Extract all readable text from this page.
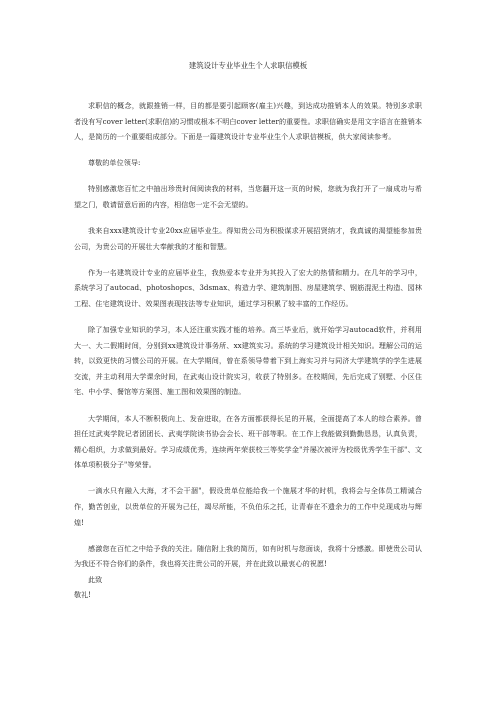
建筑设计专业毕业生个人求职信模板

求职信的概念，就跟推销一样，目的都是要引起顾客(雇主)兴趣，到达成功推销本人的效果。特别多求职者没有写cover letter(求职信)的习惯或根本不明白cover letter的重要性。求职信确实是用文字语言在推销本人，是简历的一个重要组成部分。下面是一篇建筑设计专业毕业生个人求职信模板，供大家阅读参考。

尊敬的单位领导:

特别感激您百忙之中抽出珍贵时间阅读我的材料，当您翻开这一页的时候，您就为我打开了一扇成功与希望之门，敬请留意后面的内容，相信您一定不会无望的。

我来自xxx建筑设计专业20xx应届毕业生。得知贵公司为积极谋求开展招贤纳才，我真诚的渴望能参加贵公司，为贵公司的开展壮大奉献我的才能和智慧。

作为一名建筑设计专业的应届毕业生，我热爱本专业并为其投入了宏大的热情和精力。在几年的学习中，系统学习了autocad、photoshopcs、3dsmax、构造力学、建筑制图、房屋建筑学、钢筋混泥土构造、园林工程、住宅建筑设计、效果图表现技法等专业知识，通过学习积累了较丰富的工作经历。

除了加强专业知识的学习，本人还注重实践才能的培养。高三毕业后，就开始学习autocad软件，并利用大一、大二假期时间，分别到xx建筑设计事务所、xx建筑实习。系统的学习建筑设计相关知识。理解公司的运转，以致更快的习惯公司的开展。在大学期间，曾在系领导带着下到上海实习并与同济大学建筑学的学生进展交流，并主动利用大学课余时间，在武夷山设计院实习，收获了特别多。在校期间，先后完成了别墅、小区住宅、中小学、餐馆等方案图、施工图和效果图的制造。

大学期间，本人不断积极向上、发奋进取，在各方面都获得长足的开展，全面提高了本人的综合素养。曾担任过武夷学院记者团团长、武夷学院读书协会会长、班干部等职。在工作上我能做到勤勤恳恳，认真负责，精心组织，力求做到最好。学习成绩优秀，连续两年荣获校三等奖学金"并屡次被评为校级优秀学生干部"、文体单项积极分子"等荣誉。

一滴水只有融入大海，才不会干涸"，假设贵单位能给我一个施展才华的时机，我将会与全体员工精诚合作，勤苦创业，以贵单位的开展为己任，竭尽所能，不负伯乐之托，让青春在不遗余力的工作中兑现成功与辉煌!

感激您在百忙之中给予我的关注。随信附上我的简历，如有时机与您面谈，我将十分感激。即使贵公司认为我还不符合你们的条件，我也将关注贵公司的开展，并在此致以最衷心的祝愿!

此致

敬礼!
